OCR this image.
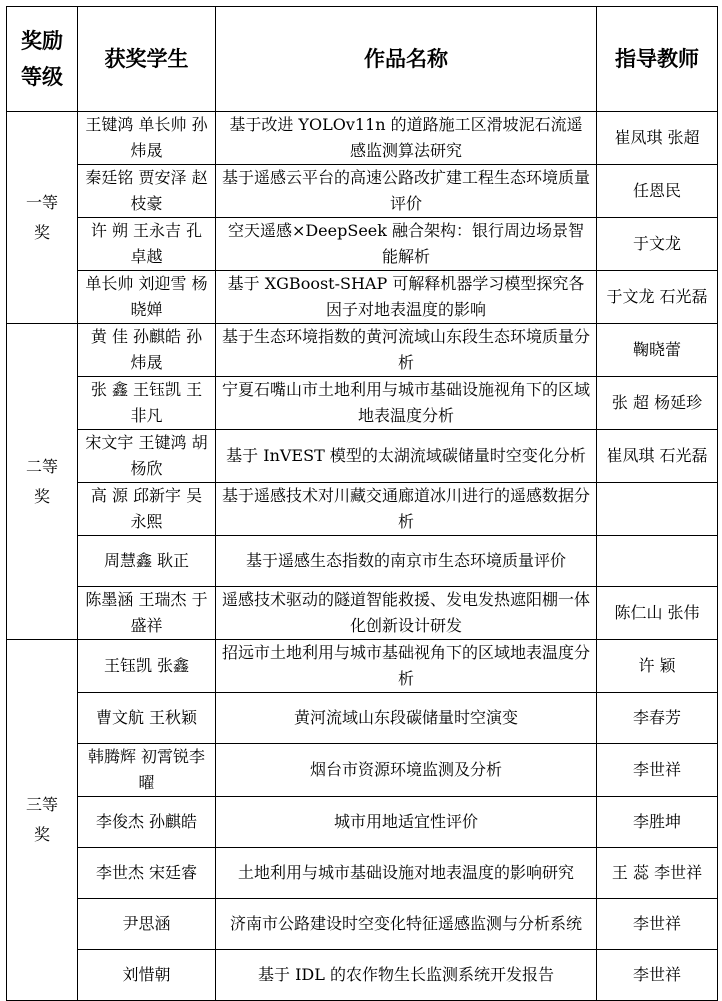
奖励等级	获奖学生	作品名称	指导教师
一等奖	王键鸿 单长帅 孙炜晟	基于改进 YOLOv11n 的道路施工区滑坡泥石流遥感监测算法研究	崔凤琪 张超
	秦廷铭 贾安泽 赵枝豪	基于遥感云平台的高速公路改扩建工程生态环境质量评价	任恩民
	许 朔 王永吉 孔卓越	空天遥感×DeepSeek 融合架构：银行周边场景智能解析	于文龙
	单长帅 刘迎雪 杨晓婵	基于 XGBoost-SHAP 可解释机器学习模型探究各因子对地表温度的影响	于文龙 石光磊
二等奖	黄 佳 孙麒皓 孙炜晟	基于生态环境指数的黄河流域山东段生态环境质量分析	鞠晓蕾
	张 鑫 王钰凯 王非凡	宁夏石嘴山市土地利用与城市基础设施视角下的区域地表温度分析	张 超 杨延珍
	宋文宇 王键鸿 胡杨欣	基于 InVEST 模型的太湖流域碳储量时空变化分析	崔凤琪 石光磊
	高 源 邱新宇 吴永熙	基于遥感技术对川藏交通廊道冰川进行的遥感数据分析	
	周慧鑫 耿正	基于遥感生态指数的南京市生态环境质量评价	
	陈墨涵 王瑞杰 于盛祥	遥感技术驱动的隧道智能救援、发电发热遮阳棚一体化创新设计研发	陈仁山 张伟
三等奖	王钰凯 张鑫	招远市土地利用与城市基础视角下的区域地表温度分析	许 颖
	曹文航 王秋颖	黄河流域山东段碳储量时空演变	李春芳
	韩腾辉 初霄锐李 曜	烟台市资源环境监测及分析	李世祥
	李俊杰 孙麒皓	城市用地适宜性评价	李胜坤
	李世杰 宋廷睿	土地利用与城市基础设施对地表温度的影响研究	王 蕊 李世祥
	尹思涵	济南市公路建设时空变化特征遥感监测与分析系统	李世祥
	刘惜朝	基于 IDL 的农作物生长监测系统开发报告	李世祥
